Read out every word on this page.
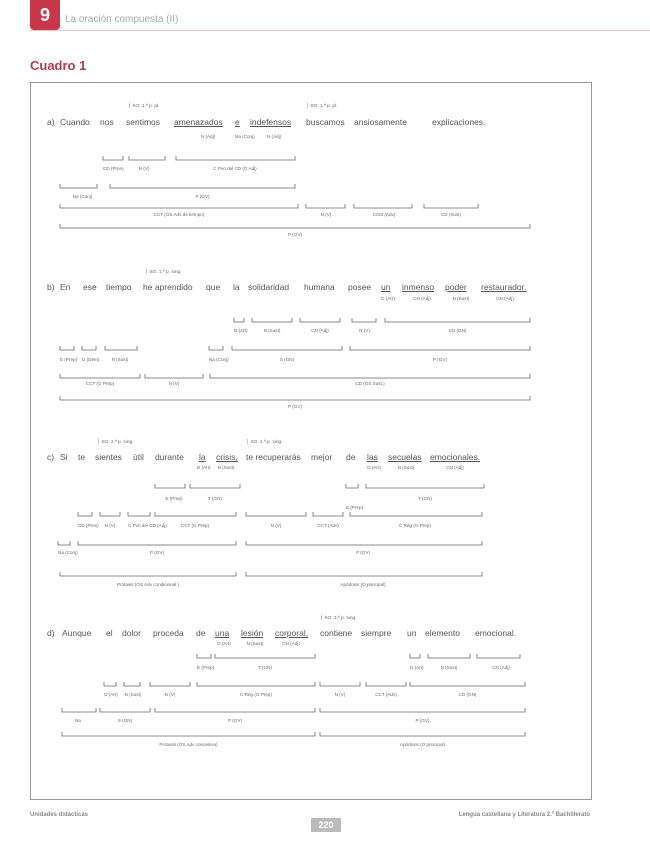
9 La oración compuesta (II)
Cuadro 1
a) Cuando nos sentimos amenazados e indefensos buscamos ansiosamente	explicaciones.
│ SO: 1.ª p. pl.	│ SO: 1.ª p. pl.
N (Adj)	Na (Conj)	N (Adj)
CD (Pron)	N (V)	C Pvo del CD (G Adj)
Na (Conj)	P (GV)
CCT (OS Adv de tiempo)	N (V)	CCM (Adv)	CD (Sust)
P (GV)
b) En ese tiempo he aprendido que la solidaridad humana posee un inmenso poder restaurador.
│ SO: 1.ª p. sing.
D (Art)	CN (Adj)	N (Sust)	CN (Adj)
D (Art)	N (Sust)	CN (Adj)	N (V)	CD (GN)
E (Prep) D (Dem)	N (Sust)	Na (Conj)	S (GN)	P (GV)
CCT (G Prep)	N (V)	CD (OS Sust.)
P (GV)
c) Si te sientes útil durante la crisis, te recuperarás mejor de las secuelas emocionales.
│ SO: 2.ª p. sing.	│ SO: 2.ª p. sing.
D (Art) N (Sust)	D (Art)	N (Sust)	CN (Adj)
E (Prep)	T (GN)
E (Prep)
T (GN)
CD (Pron)	N (V)	C Pvo del CD (Adj)	CCT (G Prep)	N (V)	CCT (Adv)	C Rég (G Prep)
Na (Conj)	P (GV)	P (GV)
Prótasis (OS Adv condicional )	Apódosis (O principal)
d) Aunque el dolor proceda de una lesión corporal, contiene siempre un elemento emocional.
│ SO: 3.ª p. sing.
D (Art)	N (Sust)	CN (Adj)
E (Prep)	T (GN)	D (Art)	N (Sust)	CN (Adj)
D (Art) N (Sust)	N (V)	C Rég (G Prep)	N (V)	CCT (Adv)	CD (GN)
Na	S (GN)	P (GV)	P (GV)
Prótasis (OS Adv concesiva)	Apódosis (O principal)
Unidades didácticas	Lengua castellana y Literatura 2.º Bachillerato
220
